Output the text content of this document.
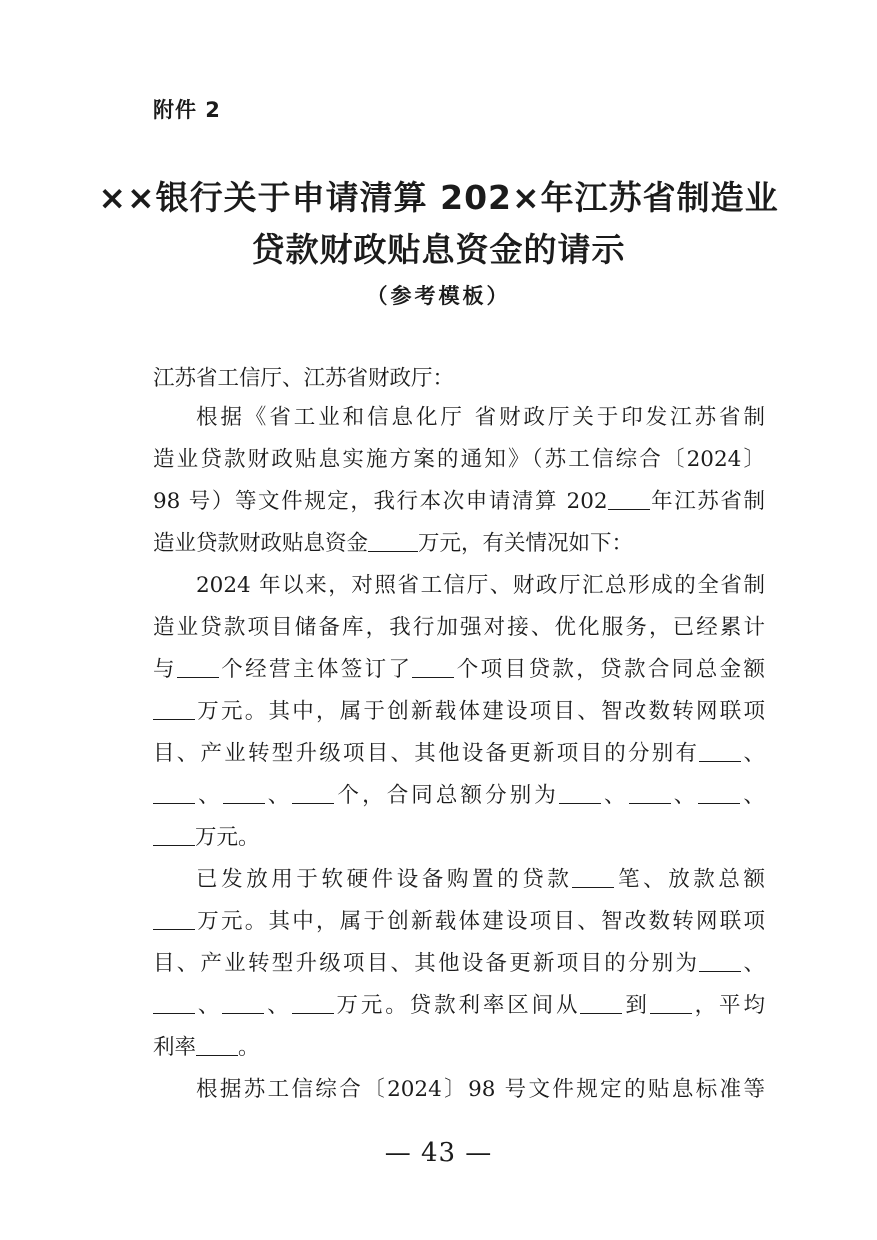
附件 2
××银行关于申请清算 202×年江苏省制造业
贷款财政贴息资金的请示
（参考模板）
江苏省工信厅、江苏省财政厅：
根据《省工业和信息化厅 省财政厅关于印发江苏省制
造业贷款财政贴息实施方案的通知》（苏工信综合〔2024〕
98 号）等文件规定，我行本次申请清算 202 年江苏省制
造业贷款财政贴息资金 万元，有关情况如下：
2024 年以来，对照省工信厅、财政厅汇总形成的全省制
造业贷款项目储备库，我行加强对接、优化服务，已经累计
与 个经营主体签订了 个项目贷款，贷款合同总金额
万元。其中，属于创新载体建设项目、智改数转网联项
目、产业转型升级项目、其他设备更新项目的分别有 、
、 、 个，合同总额分别为 、 、 、
万元。
已发放用于软硬件设备购置的贷款 笔、放款总额
万元。其中，属于创新载体建设项目、智改数转网联项
目、产业转型升级项目、其他设备更新项目的分别为 、
、 、 万元。贷款利率区间从 到 ，平均
利率 。
根据苏工信综合〔2024〕98 号文件规定的贴息标准等
— 43 —
